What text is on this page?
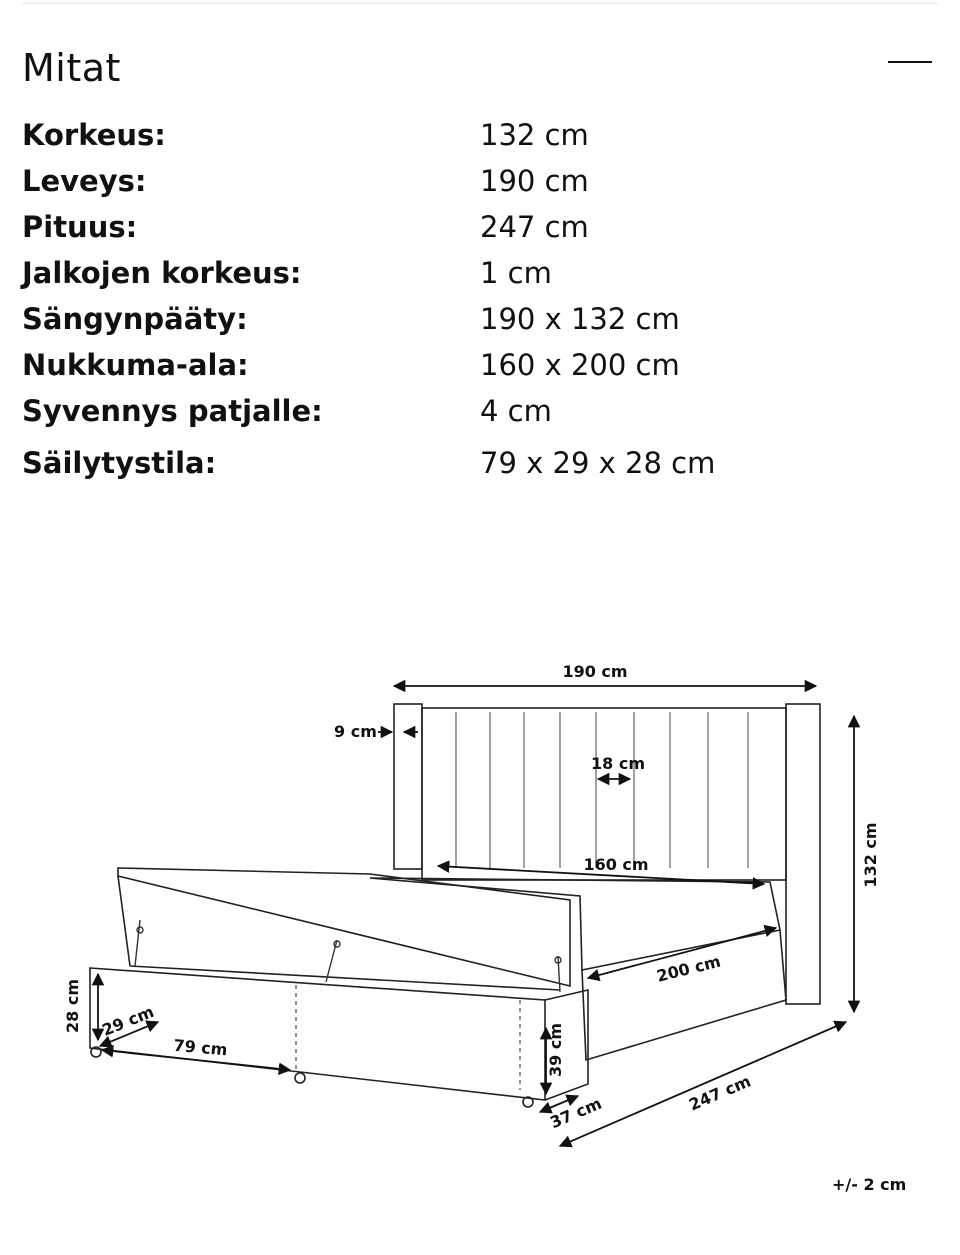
Mitat
Korkeus:	132 cm
Leveys:	190 cm
Pituus:	247 cm
Jalkojen korkeus:	1 cm
Sängynpääty:	190 x 132 cm
Nukkuma-ala:	160 x 200 cm
Syvennys patjalle:	4 cm
Säilytystila:	79 x 29 x 28 cm
190 cm
9 cm
18 cm
160 cm	132 cm
200 cm
28 cm 29 cm
79 cm	39 cm
247 cm
37 cm
+/- 2 cm
